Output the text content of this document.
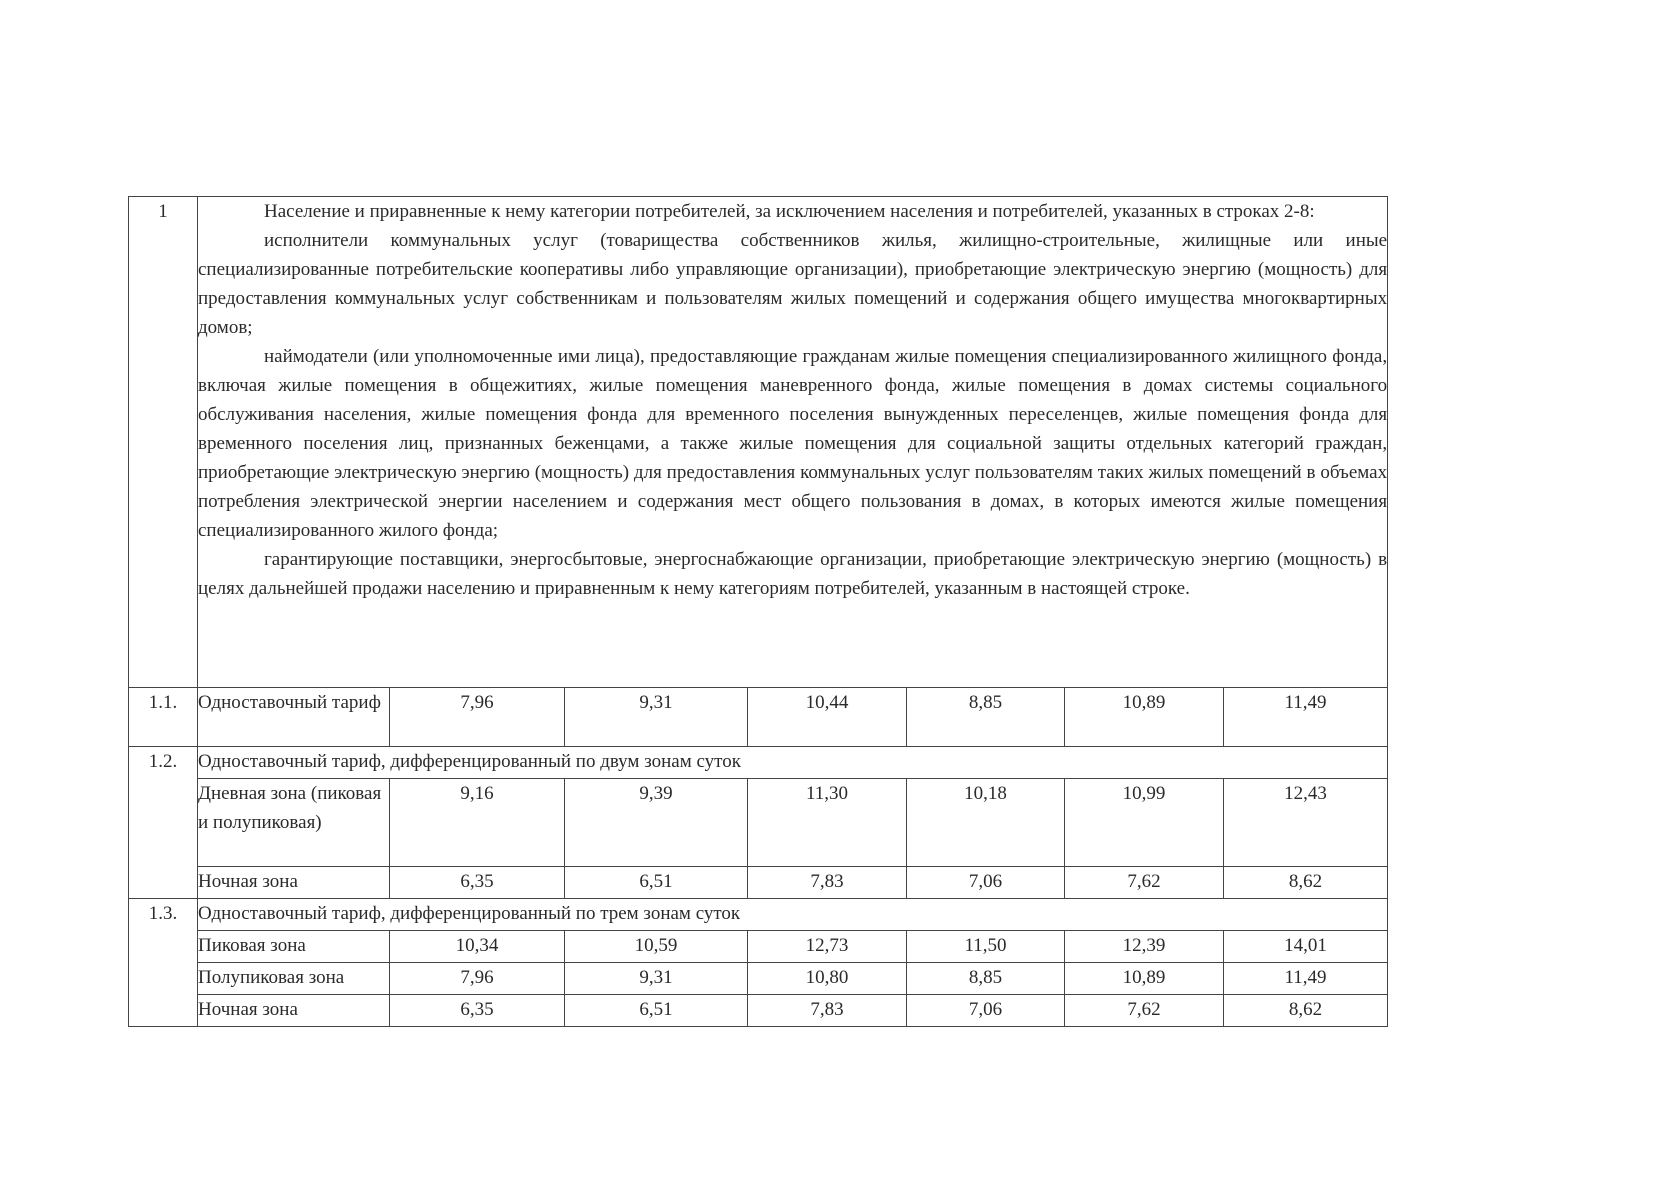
1	Население и приравненные к нему категории потребителей, за исключением населения и потребителей, указанных в строках 2-8:

исполнители коммунальных услуг (товарищества собственников жилья, жилищно-строительные, жилищные или иные специализированные потребительские кооперативы либо управляющие организации), приобретающие электрическую энергию (мощность) для предоставления коммунальных услуг собственникам и пользователям жилых помещений и содержания общего имущества многоквартирных домов;

наймодатели (или уполномоченные ими лица), предоставляющие гражданам жилые помещения специализированного жилищного фонда, включая жилые помещения в общежитиях, жилые помещения маневренного фонда, жилые помещения в домах системы социального обслуживания населения, жилые помещения фонда для временного поселения вынужденных переселенцев, жилые помещения фонда для временного поселения лиц, признанных беженцами, а также жилые помещения для социальной защиты отдельных категорий граждан, приобретающие электрическую энергию (мощность) для предоставления коммунальных услуг пользователям таких жилых помещений в объемах потребления электрической энергии населением и содержания мест общего пользования в домах, в которых имеются жилые помещения специализированного жилого фонда;

гарантирующие поставщики, энергосбытовые, энергоснабжающие организации, приобретающие электрическую энергию (мощность) в целях дальнейшей продажи населению и приравненным к нему категориям потребителей, указанным в настоящей строке.						

1.1.	Одноставочный тариф	7,96	9,31	10,44	8,85	10,89	11,49
1.2.	Одноставочный тариф, дифференцированный по двум зонам суток						
	Дневная зона (пиковая и полупиковая)	9,16	9,39	11,30	10,18	10,99	12,43
	Ночная зона	6,35	6,51	7,83	7,06	7,62	8,62
1.3.	Одноставочный тариф, дифференцированный по трем зонам суток						
	Пиковая зона	10,34	10,59	12,73	11,50	12,39	14,01
	Полупиковая зона	7,96	9,31	10,80	8,85	10,89	11,49
	Ночная зона	6,35	6,51	7,83	7,06	7,62	8,62
